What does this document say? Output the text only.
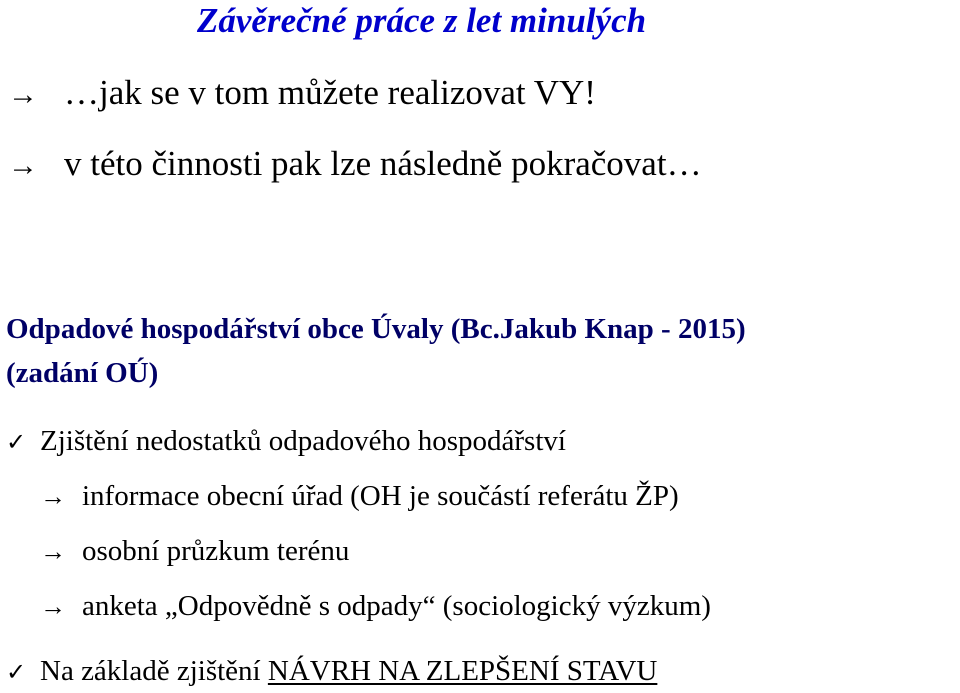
Závěrečné práce z let minulých
→ …jak se v tom můžete realizovat VY!
→ v této činnosti pak lze následně pokračovat…
Odpadové hospodářství obce Úvaly (Bc.Jakub Knap - 2015)
(zadání OÚ)
✓ Zjištění nedostatků odpadového hospodářství
→ informace obecní úřad (OH je součástí referátu ŽP)
→ osobní průzkum terénu
→ anketa „Odpovědně s odpady“ (sociologický výzkum)
✓ Na základě zjištění NÁVRH NA ZLEPŠENÍ STAVU
